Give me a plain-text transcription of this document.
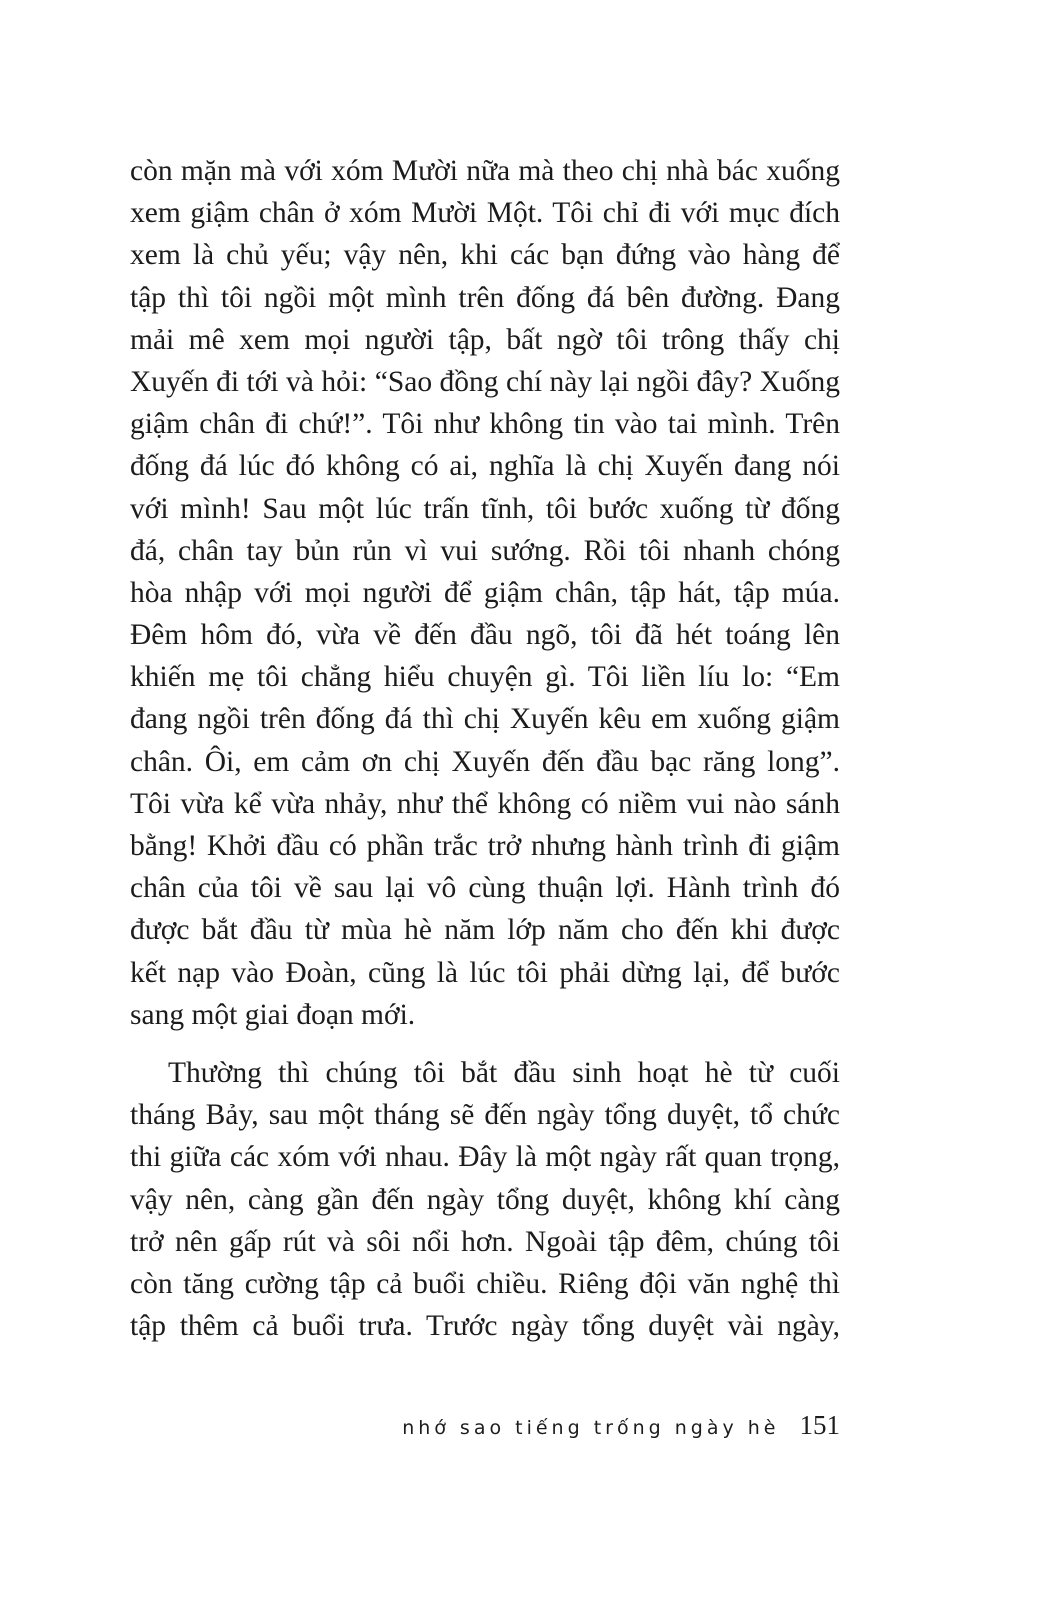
còn mặn mà với xóm Mười nữa mà theo chị nhà bác xuống
xem giậm chân ở xóm Mười Một. Tôi chỉ đi với mục đích
xem là chủ yếu; vậy nên, khi các bạn đứng vào hàng để
tập thì tôi ngồi một mình trên đống đá bên đường. Đang
mải mê xem mọi người tập, bất ngờ tôi trông thấy chị
Xuyến đi tới và hỏi: “Sao đồng chí này lại ngồi đây? Xuống
giậm chân đi chứ!”. Tôi như không tin vào tai mình. Trên
đống đá lúc đó không có ai, nghĩa là chị Xuyến đang nói
với mình! Sau một lúc trấn tĩnh, tôi bước xuống từ đống
đá, chân tay bủn rủn vì vui sướng. Rồi tôi nhanh chóng
hòa nhập với mọi người để giậm chân, tập hát, tập múa.
Đêm hôm đó, vừa về đến đầu ngõ, tôi đã hét toáng lên
khiến mẹ tôi chẳng hiểu chuyện gì. Tôi liền líu lo: “Em
đang ngồi trên đống đá thì chị Xuyến kêu em xuống giậm
chân. Ôi, em cảm ơn chị Xuyến đến đầu bạc răng long”.
Tôi vừa kể vừa nhảy, như thể không có niềm vui nào sánh
bằng! Khởi đầu có phần trắc trở nhưng hành trình đi giậm
chân của tôi về sau lại vô cùng thuận lợi. Hành trình đó
được bắt đầu từ mùa hè năm lớp năm cho đến khi được
kết nạp vào Đoàn, cũng là lúc tôi phải dừng lại, để bước
sang một giai đoạn mới.
Thường thì chúng tôi bắt đầu sinh hoạt hè từ cuối
tháng Bảy, sau một tháng sẽ đến ngày tổng duyệt, tổ chức
thi giữa các xóm với nhau. Đây là một ngày rất quan trọng,
vậy nên, càng gần đến ngày tổng duyệt, không khí càng
trở nên gấp rút và sôi nổi hơn. Ngoài tập đêm, chúng tôi
còn tăng cường tập cả buổi chiều. Riêng đội văn nghệ thì
tập thêm cả buổi trưa. Trước ngày tổng duyệt vài ngày,
nhớ sao tiếng trống ngày hè 151
